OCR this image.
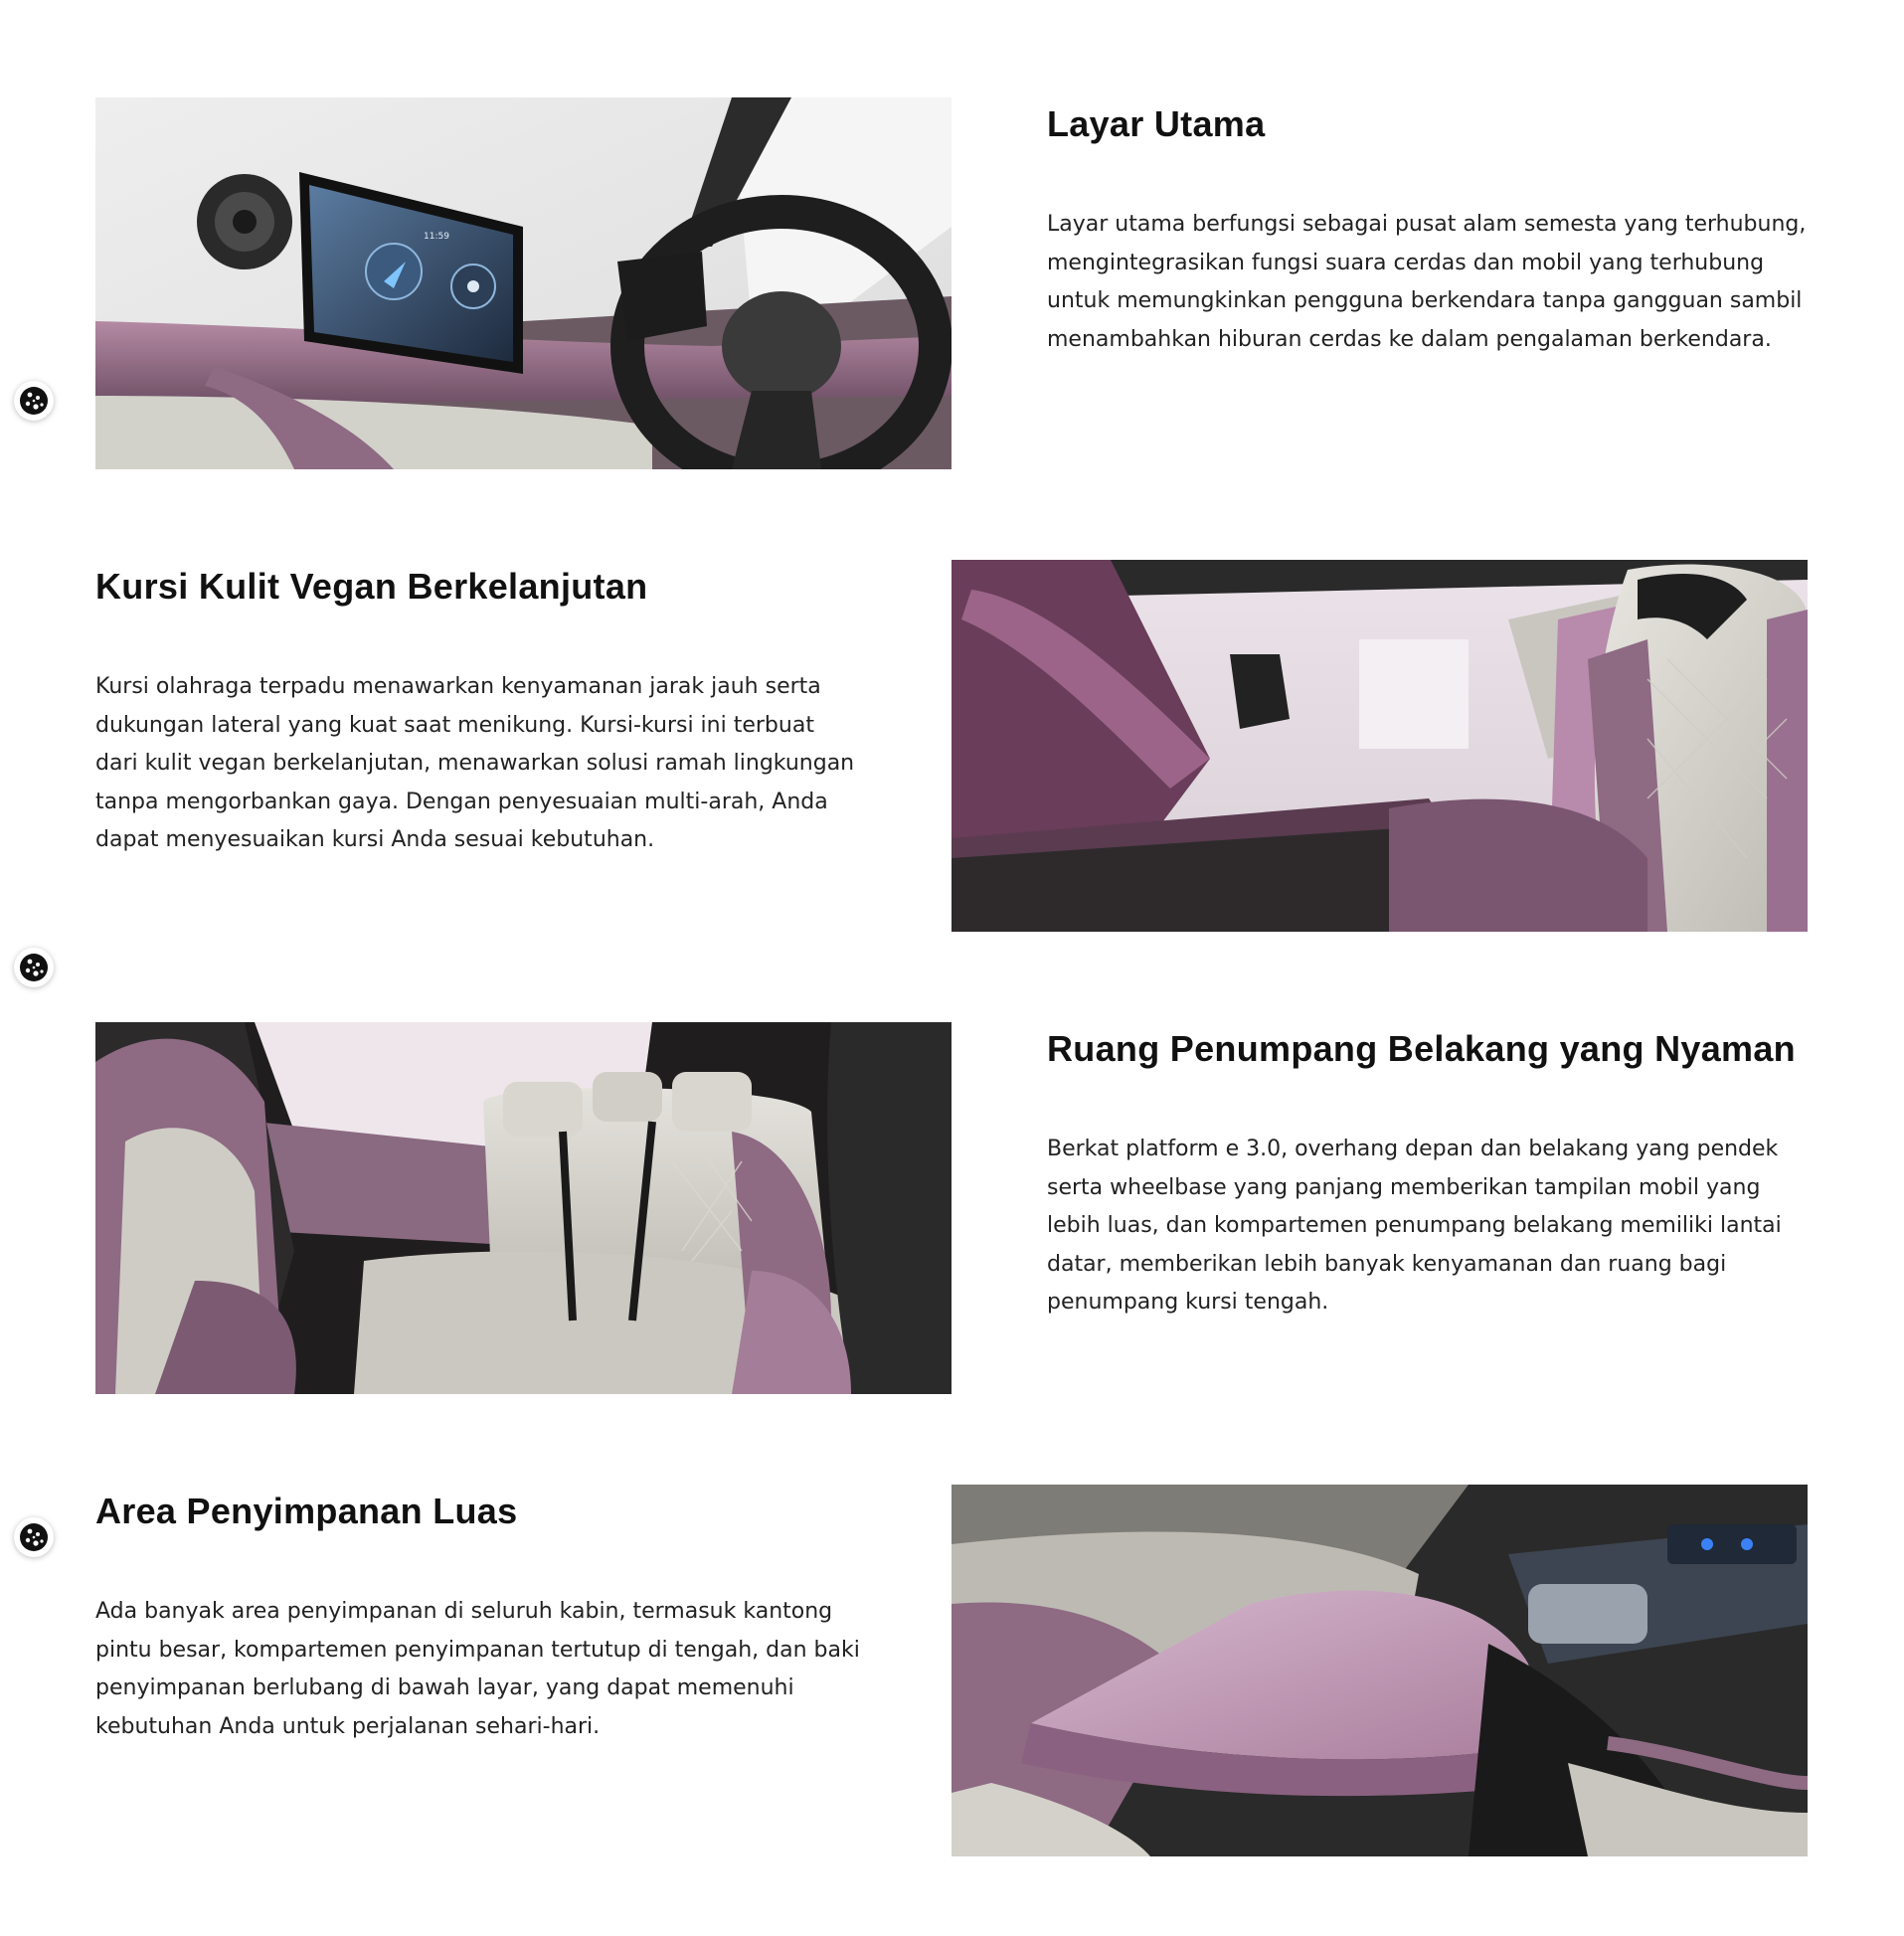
11:59
Layar Utama

Layar utama berfungsi sebagai pusat alam semesta yang terhubung, mengintegrasikan fungsi suara cerdas dan mobil yang terhubung untuk memungkinkan pengguna berkendara tanpa gangguan sambil menambahkan hiburan cerdas ke dalam pengalaman berkendara.

Kursi Kulit Vegan Berkelanjutan

Kursi olahraga terpadu menawarkan kenyamanan jarak jauh serta dukungan lateral yang kuat saat menikung. Kursi-kursi ini terbuat dari kulit vegan berkelanjutan, menawarkan solusi ramah lingkungan tanpa mengorbankan gaya. Dengan penyesuaian multi-arah, Anda dapat menyesuaikan kursi Anda sesuai kebutuhan.

Ruang Penumpang Belakang yang Nyaman

Berkat platform e 3.0, overhang depan dan belakang yang pendek serta wheelbase yang panjang memberikan tampilan mobil yang lebih luas, dan kompartemen penumpang belakang memiliki lantai datar, memberikan lebih banyak kenyamanan dan ruang bagi penumpang kursi tengah.

Area Penyimpanan Luas

Ada banyak area penyimpanan di seluruh kabin, termasuk kantong pintu besar, kompartemen penyimpanan tertutup di tengah, dan baki penyimpanan berlubang di bawah layar, yang dapat memenuhi kebutuhan Anda untuk perjalanan sehari-hari.
